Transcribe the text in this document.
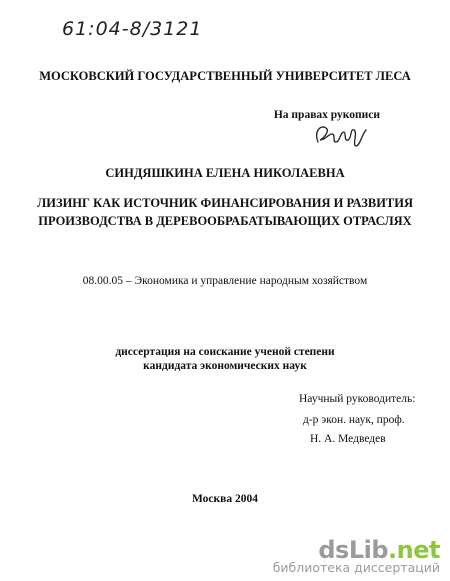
61:04-8/3121
МОСКОВСКИЙ ГОСУДАРСТВЕННЫЙ УНИВЕРСИТЕТ ЛЕСА
На правах рукописи
СИНДЯШКИНА ЕЛЕНА НИКОЛАЕВНА
ЛИЗИНГ КАК ИСТОЧНИК ФИНАНСИРОВАНИЯ И РАЗВИТИЯ
ПРОИЗВОДСТВА В ДЕРЕВООБРАБАТЫВАЮЩИХ ОТРАСЛЯХ
08.00.05 – Экономика и управление народным хозяйством
диссертация на соискание ученой степени
кандидата экономических наук
Научный руководитель:
д-р экон. наук, проф.
Н. А. Медведев
Москва 2004
dsLib.net
библиотека диссертаций
